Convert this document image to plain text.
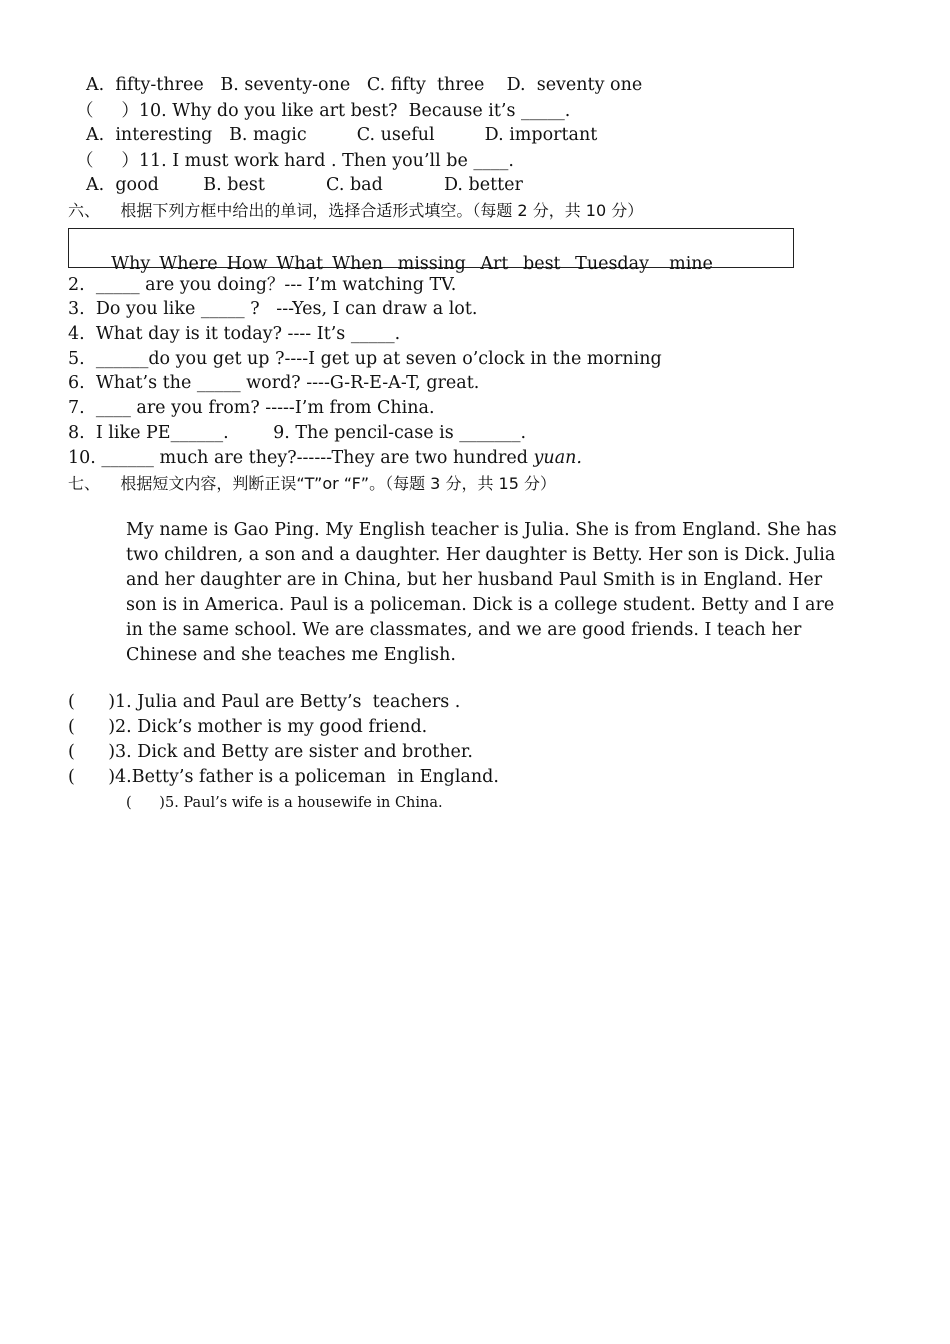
A.  fifty-three   B. seventy-one   C. fifty  three    D.  seventy one
（     ）10. Why do you like art best?  Because it’s _____.
A.  interesting   B. magic         C. useful         D. important
（     ）11. I must work hard . Then you’ll be ____.
A.  good        B. best           C. bad           D. better
六、    根据下列方框中给出的单词，选择合适形式填空。（每题 2 分，共 10 分）

Why Where How What When missing Art best Tuesday  mine

2.  _____ are you doing？--- I’m watching TV.
3.  Do you like _____ ?   ---Yes, I can draw a lot.
4.  What day is it today? ---- It’s _____.
5.  ______do you get up ?----I get up at seven o’clock in the morning
6.  What’s the _____ word? ----G-R-E-A-T, great.
7.  ____ are you from? -----I’m from China.
8.  I like PE______.        9. The pencil-case is _______.
10. ______ much are they?------They are two hundred yuan.
七、    根据短文内容，判断正误“T”or “F”。（每题 3 分，共 15 分）

My name is Gao Ping. My English teacher is Julia. She is from England. She has
two children, a son and a daughter. Her daughter is Betty. Her son is Dick. Julia
and her daughter are in China, but her husband Paul Smith is in England. Her
son is in America. Paul is a policeman. Dick is a college student. Betty and I are
in the same school. We are classmates, and we are good friends. I teach her
Chinese and she teaches me English.

(      )1. Julia and Paul are Betty’s  teachers .
(      )2. Dick’s mother is my good friend.
(      )3. Dick and Betty are sister and brother.
(      )4.Betty’s father is a policeman  in England.
(      )5. Paul’s wife is a housewife in China.
